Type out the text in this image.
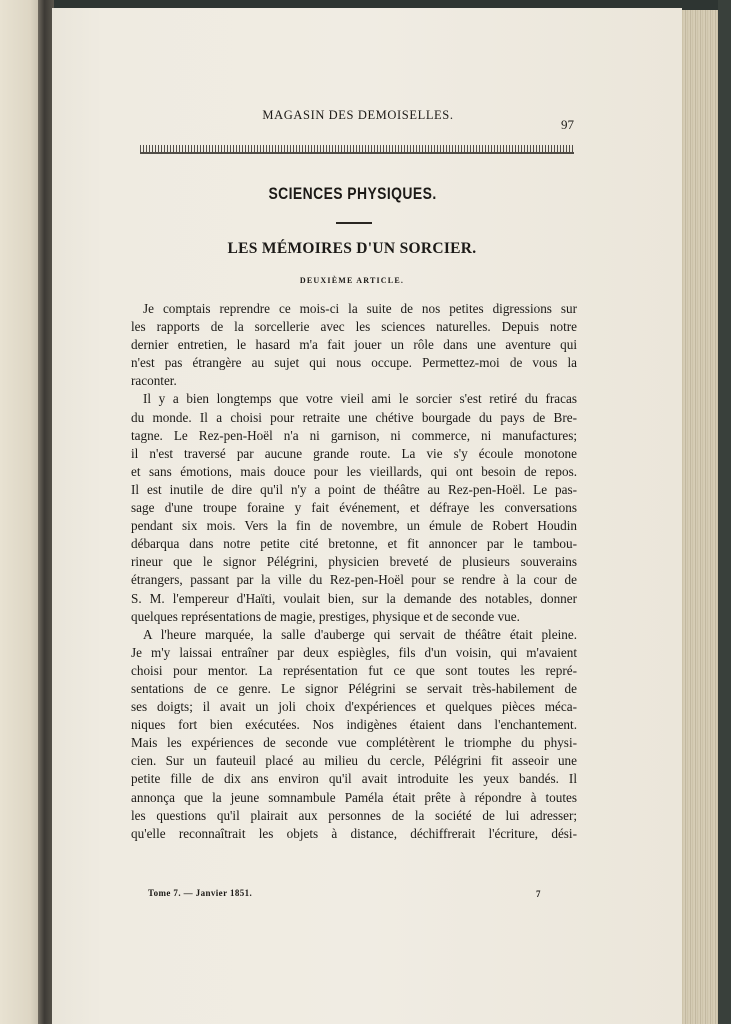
MAGASIN DES DEMOISELLES.
97
SCIENCES PHYSIQUES.
LES MÉMOIRES D'UN SORCIER.
DEUXIÈME ARTICLE.
Je comptais reprendre ce mois-ci la suite de nos petites digressions sur
les rapports de la sorcellerie avec les sciences naturelles. Depuis notre
dernier entretien, le hasard m'a fait jouer un rôle dans une aventure qui
n'est pas étrangère au sujet qui nous occupe. Permettez-moi de vous la
raconter.
Il y a bien longtemps que votre vieil ami le sorcier s'est retiré du fracas
du monde. Il a choisi pour retraite une chétive bourgade du pays de Bre-
tagne. Le Rez-pen-Hoël n'a ni garnison, ni commerce, ni manufactures;
il n'est traversé par aucune grande route. La vie s'y écoule monotone
et sans émotions, mais douce pour les vieillards, qui ont besoin de repos.
Il est inutile de dire qu'il n'y a point de théâtre au Rez-pen-Hoël. Le pas-
sage d'une troupe foraine y fait événement, et défraye les conversations
pendant six mois. Vers la fin de novembre, un émule de Robert Houdin
débarqua dans notre petite cité bretonne, et fit annoncer par le tambou-
rineur que le signor Pélégrini, physicien breveté de plusieurs souverains
étrangers, passant par la ville du Rez-pen-Hoël pour se rendre à la cour de
S. M. l'empereur d'Haïti, voulait bien, sur la demande des notables, donner
quelques représentations de magie, prestiges, physique et de seconde vue.
A l'heure marquée, la salle d'auberge qui servait de théâtre était pleine.
Je m'y laissai entraîner par deux espiègles, fils d'un voisin, qui m'avaient
choisi pour mentor. La représentation fut ce que sont toutes les repré-
sentations de ce genre. Le signor Pélégrini se servait très-habilement de
ses doigts; il avait un joli choix d'expériences et quelques pièces méca-
niques fort bien exécutées. Nos indigènes étaient dans l'enchantement.
Mais les expériences de seconde vue complétèrent le triomphe du physi-
cien. Sur un fauteuil placé au milieu du cercle, Pélégrini fit asseoir une
petite fille de dix ans environ qu'il avait introduite les yeux bandés. Il
annonça que la jeune somnambule Paméla était prête à répondre à toutes
les questions qu'il plairait aux personnes de la société de lui adresser;
qu'elle reconnaîtrait les objets à distance, déchiffrerait l'écriture, dési-
Tome 7. — Janvier 1851.	7
